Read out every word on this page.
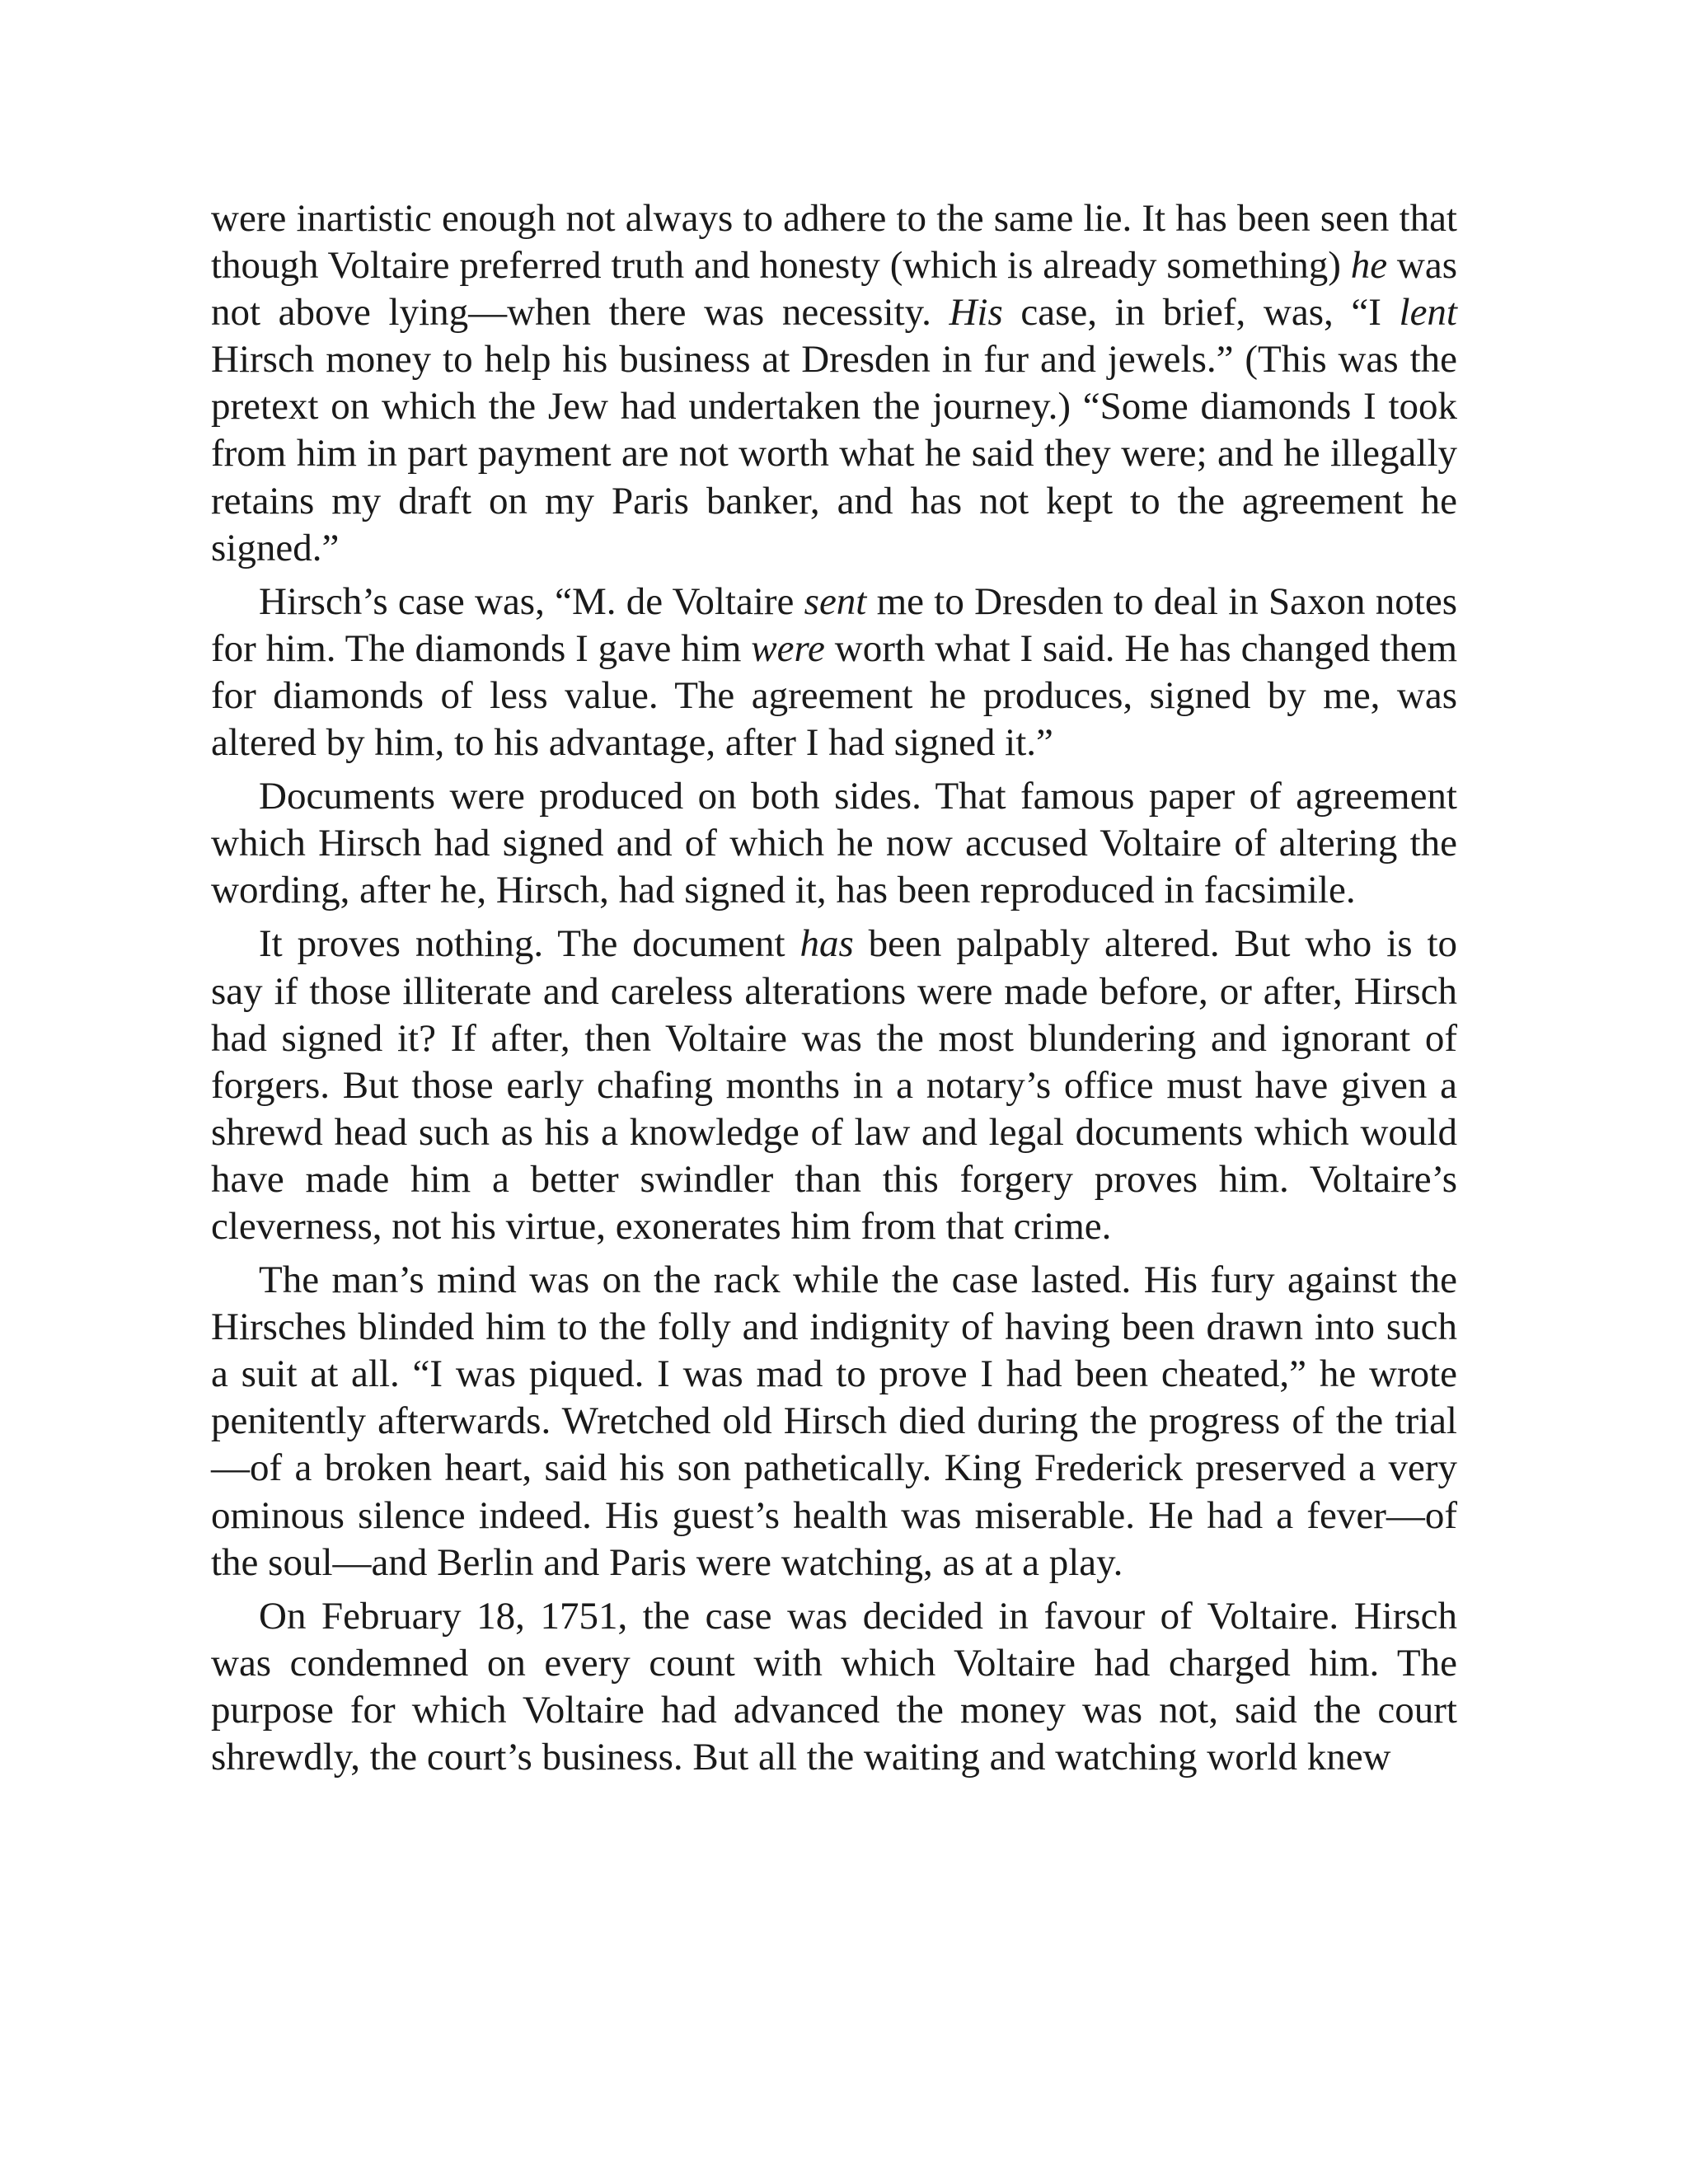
were inartistic enough not always to adhere to the same lie. It has been seen that though Voltaire preferred truth and honesty (which is already something) he was not above lying—when there was necessity. His case, in brief, was, “I lent Hirsch money to help his business at Dresden in fur and jewels.” (This was the pretext on which the Jew had undertaken the journey.) “Some diamonds I took from him in part payment are not worth what he said they were; and he illegally retains my draft on my Paris banker, and has not kept to the agreement he signed.”

Hirsch’s case was, “M. de Voltaire sent me to Dresden to deal in Saxon notes for him. The diamonds I gave him were worth what I said. He has changed them for diamonds of less value. The agreement he produces, signed by me, was altered by him, to his advantage, after I had signed it.”

Documents were produced on both sides. That famous paper of agreement which Hirsch had signed and of which he now accused Voltaire of altering the wording, after he, Hirsch, had signed it, has been reproduced in facsimile.

It proves nothing. The document has been palpably altered. But who is to say if those illiterate and careless alterations were made before, or after, Hirsch had signed it? If after, then Voltaire was the most blundering and ignorant of forgers. But those early chafing months in a notary’s office must have given a shrewd head such as his a knowledge of law and legal documents which would have made him a better swindler than this forgery proves him. Voltaire’s cleverness, not his virtue, exonerates him from that crime.

The man’s mind was on the rack while the case lasted. His fury against the Hirsches blinded him to the folly and indignity of having been drawn into such a suit at all. “I was piqued. I was mad to prove I had been cheated,” he wrote penitently afterwards. Wretched old Hirsch died during the progress of the trial—of a broken heart, said his son pathetically. King Frederick preserved a very ominous silence indeed. His guest’s health was miserable. He had a fever—of the soul—and Berlin and Paris were watching, as at a play.

On February 18, 1751, the case was decided in favour of Voltaire. Hirsch was condemned on every count with which Voltaire had charged him. The purpose for which Voltaire had advanced the money was not, said the court shrewdly, the court’s business. But all the waiting and watching world knew
